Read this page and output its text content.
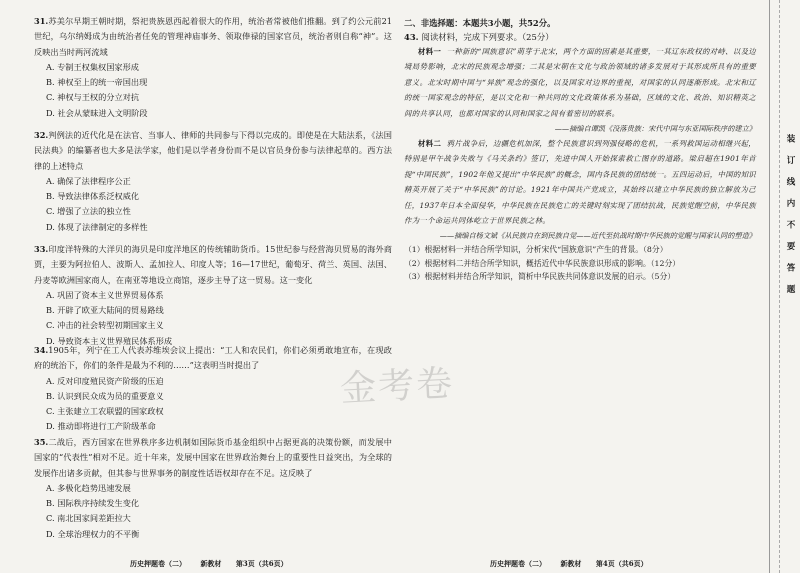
31.苏美尔早期王朝时期，祭祀贵族恩西起着很大的作用，统治者常被他们推翻。到了约公元前21世纪，乌尔纳姆成为由统治者任免的管理神庙事务、领取俸禄的国家官员，统治者则自称“神”。这反映出当时两河流域

A. 专制王权集权国家形成

B. 神权至上的统一帝国出现

C. 神权与王权的分立对抗

D. 社会从蒙昧进入文明阶段

32.判例法的近代化是在法官、当事人、律师的共同参与下得以完成的。即使是在大陆法系，《法国民法典》的编纂者也大多是法学家，他们是以学者身份而不是以官员身份参与法律起草的。西方法律的上述特点

A. 确保了法律程序公正

B. 导致法律体系泛权威化

C. 增强了立法的独立性

D. 体现了法律制定的多样性

33.印度洋特殊的大洋贝的海贝是印度洋地区的传统辅助货币。15世纪参与经营海贝贸易的海外商贾，主要为阿拉伯人、波斯人、孟加拉人、印度人等；16—17世纪，葡萄牙、荷兰、英国、法国、丹麦等欧洲国家商人，在南亚等地设立商馆，逐步主导了这一贸易。这一变化

A. 巩固了资本主义世界贸易体系

B. 开辟了欧亚大陆间的贸易路线

C. 冲击的社会转型初期国家主义

D. 导致资本主义世界殖民体系形成

34.1905年，列宁在工人代表苏维埃会议上提出：“工人和农民们，你们必须勇敢地宣布，在现政府的统治下，你们的条件是最为不利的……”这表明当时提出了

A. 反对印度殖民资产阶级的压迫

B. 认识到民众成为员的重要意义

C. 主张建立工农联盟的国家政权

D. 推动即将进行工产阶级革命

35.二战后，西方国家在世界秩序多边机制如国际货币基金组织中占据更高的决策份额，而发展中国家的“代表性”相对不足。近十年来，发展中国家在世界政治舞台上的重要性日益突出，为全球的发展作出诸多贡献，但其参与世界事务的制度性话语权却存在不足。这反映了

A. 多极化趋势迅速发展

B. 国际秩序持续发生变化

C. 南北国家间差距拉大

D. 全球治理权力的不平衡

历史押题卷（二） 新教材 第3页（共6页）

二、非选择题：本题共3小题，共52分。

43. 阅读材料，完成下列要求。（25分）

材料一 一种新的“国族意识”萌芽于北宋，两个方面的因素是其重要，一其辽东政权的对峙、以及边境局势影响，北宋的民族观念增强；二其是宋朝在文化与政治领域的诸多发展对于其形成所具有的重要意义。北宋时期中国与“异族”观念的强化，以及国家对边界的重视，对国家的认同逐渐形成。北宋和辽的统一国家观念的特征，是以文化和一种共同的文化政策体系为基础，区域的文化、政治、知识精英之间的共享认同，也都对国家的认同和国家之间有着密切的联系。

——摘编自谭凯《没落贵族：宋代中国与东亚国际秩序的建立》

材料二 鸦片战争后，边疆危机加深，整个民族意识到列强侵略的危机，一系列救国运动相继兴起，特别是甲午战争失败与《马关条约》签订，先进中国人开始探索救亡图存的道路。梁启超在1901年首提“中国民族”，1902年他又提出“中华民族”的概念，国内各民族的团结统一。五四运动后，中国的知识精英开展了关于“中华民族”的讨论。1921年中国共产党成立，其始终以建立中华民族的独立解放为己任，1937年日本全面侵华，中华民族在民族危亡的关键时刻实现了团结抗战，民族觉醒空前，中华民族作为一个命运共同体屹立于世界民族之林。

——摘编自杨文斌《从民族自在到民族自觉——近代至抗战时期中华民族的觉醒与国家认同的塑造》

（1）根据材料一并结合所学知识，分析宋代“国族意识”产生的背景。（8分）

（2）根据材料二并结合所学知识，概括近代中华民族意识形成的影响。（12分）

（3）根据材料并结合所学知识，简析中华民族共同体意识发展的启示。（5分）

历史押题卷（二） 新教材 第4页（共6页）
装订线内不要答题
金考卷
